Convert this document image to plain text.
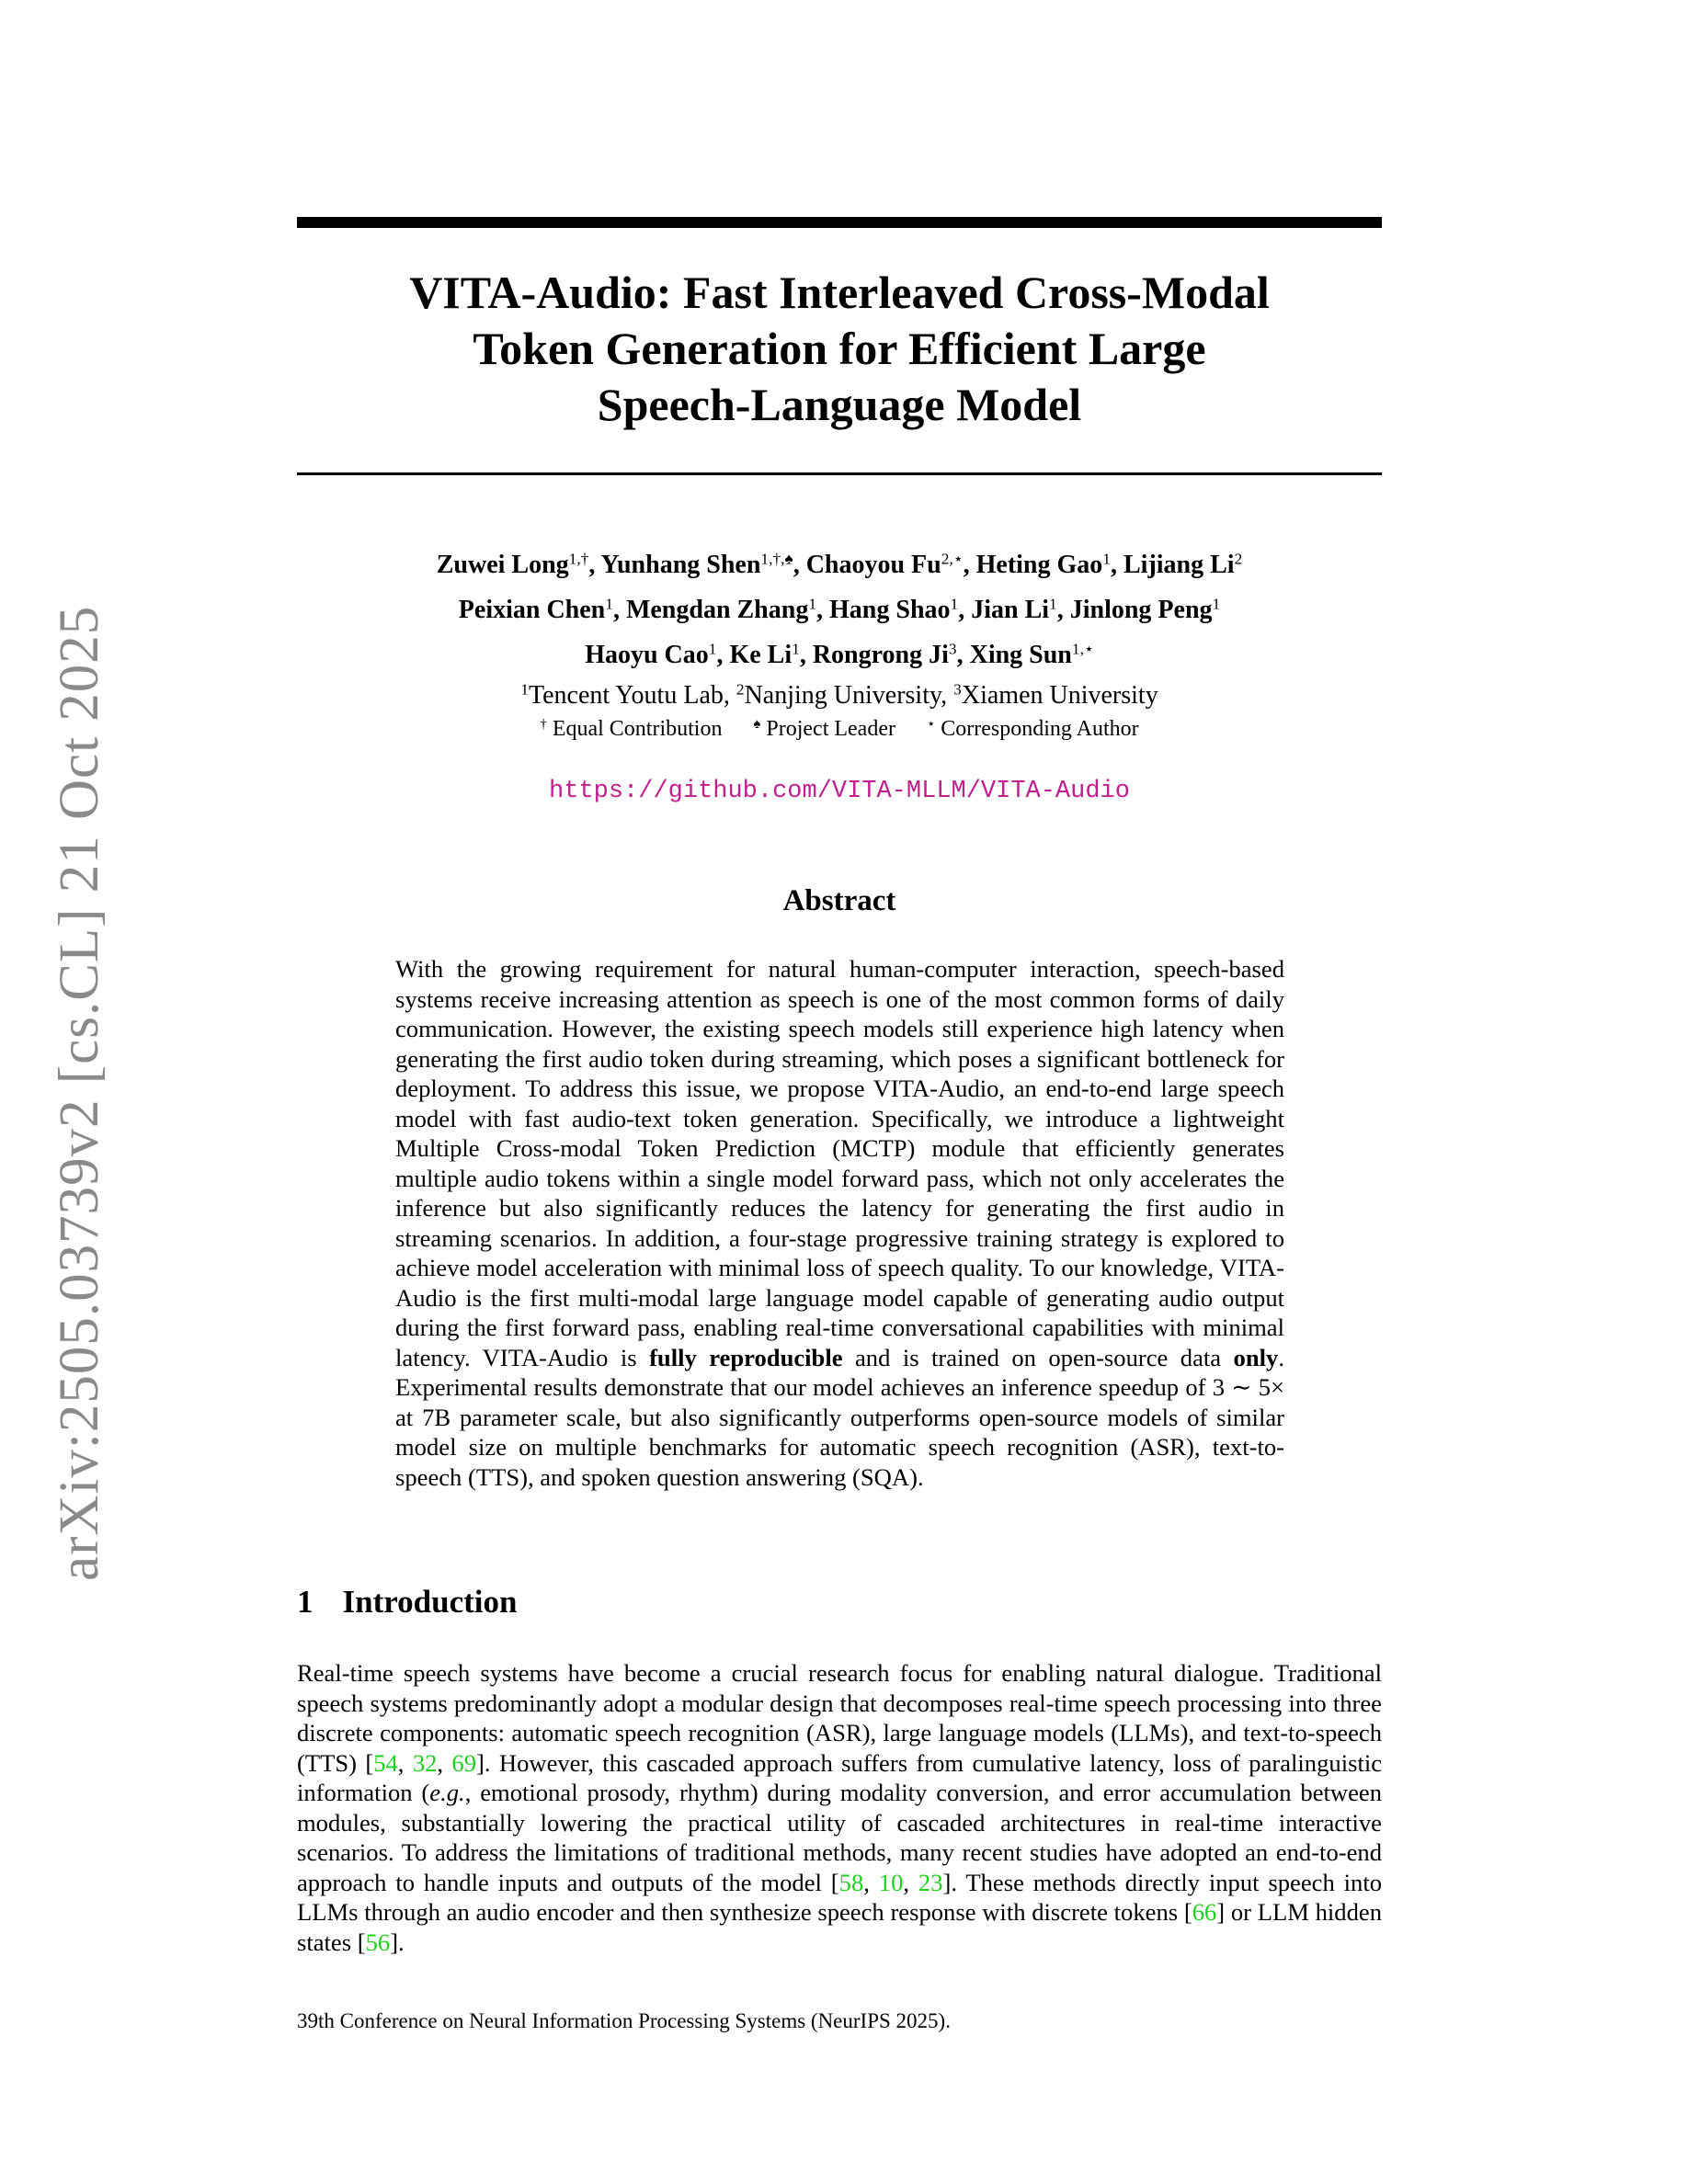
arXiv:2505.03739v2 [cs.CL] 21 Oct 2025
VITA-Audio: Fast Interleaved Cross-Modal
Token Generation for Efficient Large
Speech-Language Model
Zuwei Long$^{1,\dagger}$, Yunhang Shen$^{1,\dagger,♠}$, Chaoyou $Fu^{2,⋆}$, Heting Gao$^1$, Lijiang Li$^2$
Peixian Chen$^1$, Mengdan Zhang$^1$, Hang Shao$^1$, Jian Li$^1$, Jinlong Peng$^1$
Haoyu Cao$^1$, Ke Li$^1$, Rongrong Ji$^3$, Xing Sun$^{1,⋆}$
$^1$Tencent Youtu Lab, $^2$Nanjing University, $^3$Xiamen University
† Equal Contribution ♠ Project Leader ⋆ Corresponding Author
https://github.com/VITA-MLLM/VITA-Audio
Abstract
With the growing requirement for natural human-computer interaction, speech-based systems receive increasing attention as speech is one of the most common forms of daily communication. However, the existing speech models still experience high latency when generating the first audio token during streaming, which poses a significant bottleneck for deployment. To address this issue, we propose VITA-Audio, an end-to-end large speech model with fast audio-text token generation. Specifically, we introduce a lightweight Multiple Cross-modal Token Prediction (MCTP) module that efficiently generates multiple audio tokens within a single model forward pass, which not only accelerates the inference but also significantly reduces the latency for generating the first audio in streaming scenarios. In addition, a four-stage progressive training strategy is explored to achieve model acceleration with minimal loss of speech quality. To our knowledge, VITA-Audio is the first multi-modal large language model capable of generating audio output during the first forward pass, enabling real-time conversational capabilities with minimal latency. VITA-Audio is fully reproducible and is trained on open-source data only. Experimental results demonstrate that our model achieves an inference speedup of 3 ∼ 5× at 7B parameter scale, but also significantly outperforms open-source models of similar model size on multiple benchmarks for automatic speech recognition (ASR), text-to-speech (TTS), and spoken question answering (SQA).
1 Introduction
Real-time speech systems have become a crucial research focus for enabling natural dialogue. Traditional speech systems predominantly adopt a modular design that decomposes real-time speech processing into three discrete components: automatic speech recognition (ASR), large language models (LLMs), and text-to-speech (TTS) [54, 32, 69]. However, this cascaded approach suffers from cumulative latency, loss of paralinguistic information (e.g., emotional prosody, rhythm) during modality conversion, and error accumulation between modules, substantially lowering the practical utility of cascaded architectures in real-time interactive scenarios. To address the limitations of traditional methods, many recent studies have adopted an end-to-end approach to handle inputs and outputs of the model [58, 10, 23]. These methods directly input speech into LLMs through an audio encoder and then synthesize speech response with discrete tokens [66] or LLM hidden states [56].
39th Conference on Neural Information Processing Systems (NeurIPS 2025).
